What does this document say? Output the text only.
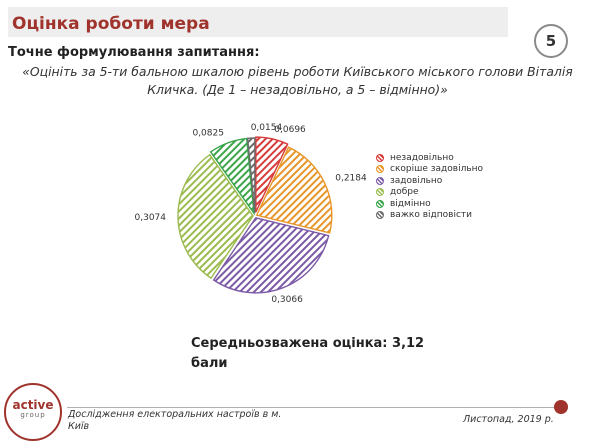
Оцінка роботи мера
5
Точне формулювання запитання:
«Оцініть за 5-ти бальною шкалою рівень роботи Київського міського голови Віталія Кличка. (Де 1 – незадовільно, а 5 – відмінно)»
0,0696
0,2184
0,3066
0,3074
0,0825
0,0154
незадовільно
скоріше задовільно
задовільно
добре
відмінно
важко відповісти
Середньозважена оцінка: 3,12
бали
active
group	Дослідження електоральних настроїв в м. Київ
Листопад, 2019 р.
